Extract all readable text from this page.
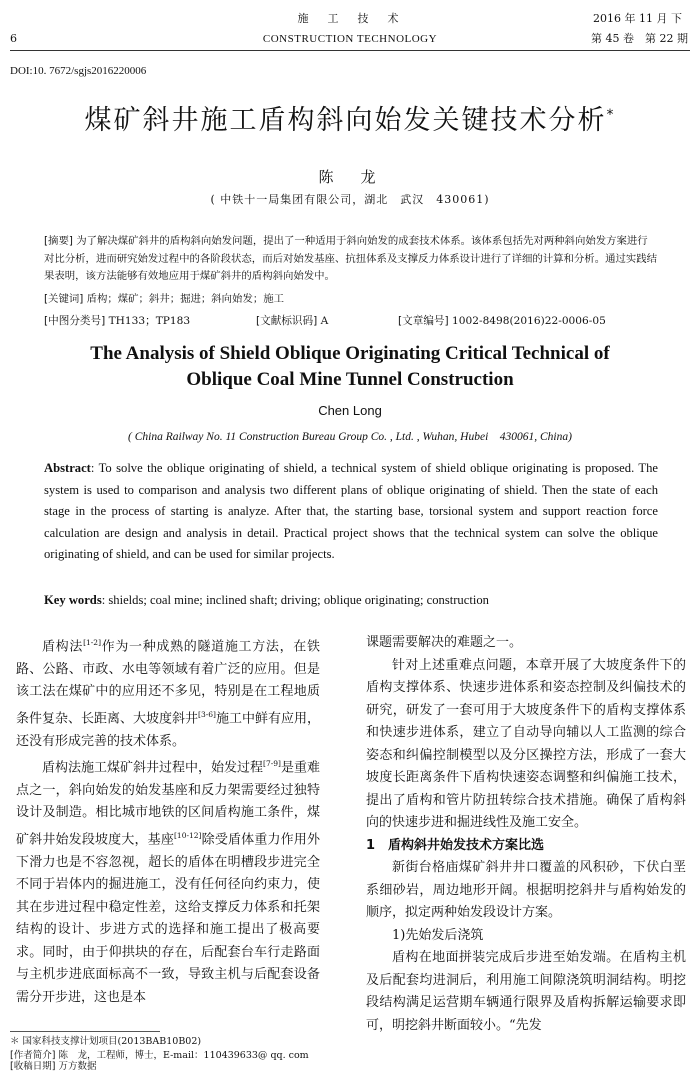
6
施　工　技　术
CONSTRUCTION TECHNOLOGY
2016 年 11 月 下
第 45 卷　第 22 期
DOI:10. 7672/sgjs2016220006
煤矿斜井施工盾构斜向始发关键技术分析*
陈　龙
( 中铁十一局集团有限公司，湖北　武汉　430061)
[摘要] 为了解决煤矿斜井的盾构斜向始发问题，提出了一种适用于斜向始发的成套技术体系。该体系包括先对两种斜向始发方案进行对比分析，进而研究始发过程中的各阶段状态，而后对始发基座、抗扭体系及支撑反力体系设计进行了详细的计算和分析。通过实践结果表明，该方法能够有效地应用于煤矿斜井的盾构斜向始发中。
[关键词] 盾构；煤矿；斜井；掘进；斜向始发；施工
[中图分类号] TH133；TP183	[文献标识码] A	[文章编号] 1002-8498(2016)22-0006-05
The Analysis of Shield Oblique Originating Critical Technical of
Oblique Coal Mine Tunnel Construction
Chen Long
( China Railway No. 11 Construction Bureau Group Co. , Ltd. , Wuhan, Hubei　430061, China)
Abstract: To solve the oblique originating of shield, a technical system of shield oblique originating is proposed. The system is used to comparison and analysis two different plans of oblique originating of shield. Then the state of each stage in the process of starting is analyze. After that, the starting base, torsional system and support reaction force calculation are design and analysis in detail. Practical project shows that the technical system can solve the oblique originating of shield, and can be used for similar projects.
Key words: shields; coal mine; inclined shaft; driving; oblique originating; construction

盾构法[1-2]作为一种成熟的隧道施工方法，在铁路、公路、市政、水电等领域有着广泛的应用。但是该工法在煤矿中的应用还不多见，特别是在工程地质条件复杂、长距离、大坡度斜井[3-6]施工中鲜有应用，还没有形成完善的技术体系。

盾构法施工煤矿斜井过程中，始发过程[7-9]是重难点之一，斜向始发的始发基座和反力架需要经过独特设计及制造。相比城市地铁的区间盾构施工条件，煤矿斜井始发段坡度大，基座[10-12]除受盾体重力作用外下滑力也是不容忽视，超长的盾体在明槽段步进完全不同于岩体内的掘进施工，没有任何径向约束力，使其在步进过程中稳定性差，这给支撑反力体系和托架结构的设计、步进方式的选择和施工提出了极高要求。同时，由于仰拱块的存在，后配套台车行走路面与主机步进底面标高不一致，导致主机与后配套设备需分开步进，这也是本

课题需要解决的难题之一。

针对上述重难点问题，本章开展了大坡度条件下的盾构支撑体系、快速步进体系和姿态控制及纠偏技术的研究，研发了一套可用于大坡度条件下的盾构支撑体系和快速步进体系，建立了自动导向辅以人工监测的综合姿态和纠偏控制模型以及分区操控方法，形成了一套大坡度长距离条件下盾构快速姿态调整和纠偏施工技术，提出了盾构和管片防扭转综合技术措施。确保了盾构斜向的快速步进和掘进线性及施工安全。

1　盾构斜井始发技术方案比选

新街台格庙煤矿斜井井口覆盖的风积砂，下伏白垩系细砂岩，周边地形开阔。根据明挖斜井与盾构始发的顺序，拟定两种始发段设计方案。

1)先始发后浇筑

盾构在地面拼装完成后步进至始发端。在盾构主机及后配套均进洞后，利用施工间隙浇筑明洞结构。明挖段结构满足运营期车辆通行限界及盾构拆解运输要求即可，明挖斜井断面较小。“先发

＊ 国家科技支撑计划项目(2013BAB10B02)
[作者简介] 陈　龙，工程师，博士，E-mail：110439633@ qq. com
[收稿日期] 万方数据
